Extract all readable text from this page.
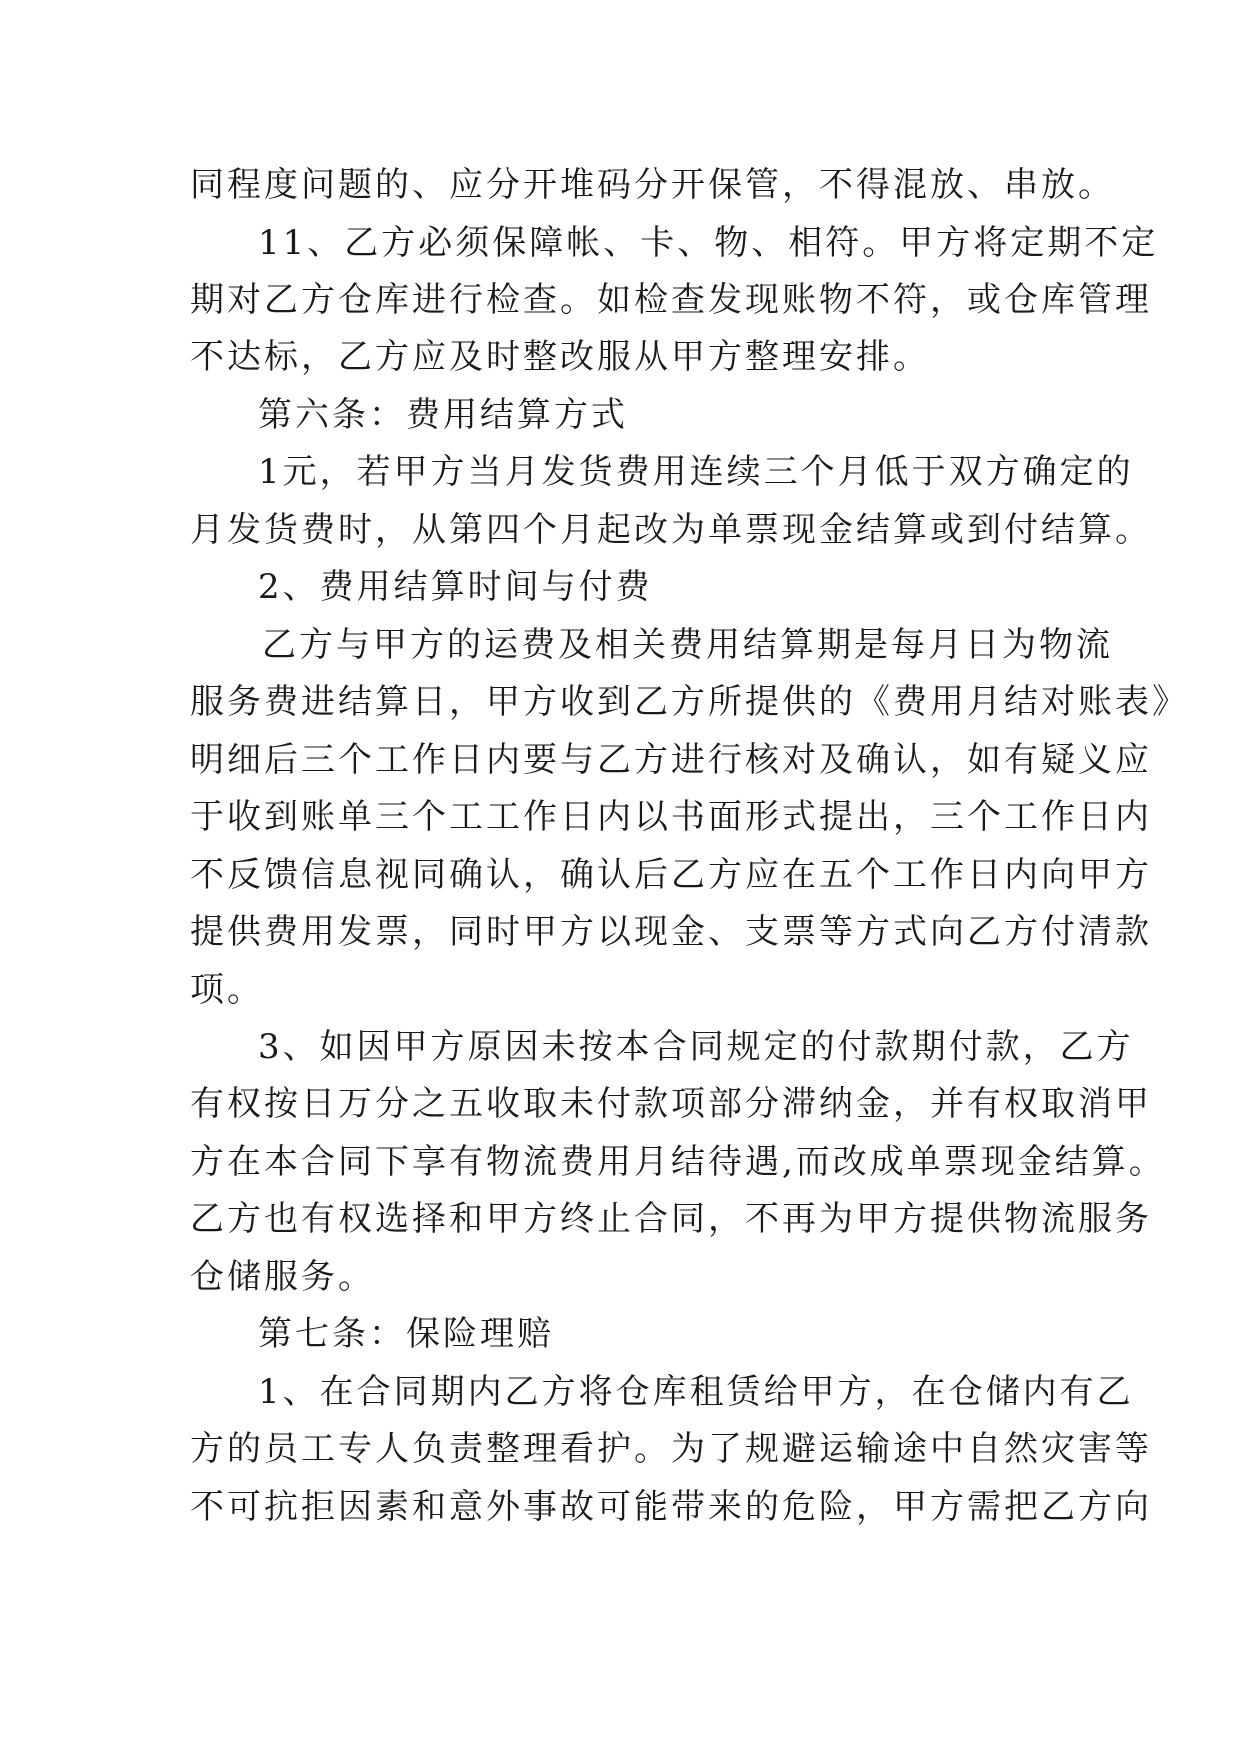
同程度问题的、应分开堆码分开保管，不得混放、串放。
11、乙方必须保障帐、卡、物、相符。甲方将定期不定
期对乙方仓库进行检查。如检查发现账物不符，或仓库管理
不达标，乙方应及时整改服从甲方整理安排。
第六条：费用结算方式
1元，若甲方当月发货费用连续三个月低于双方确定的
月发货费时，从第四个月起改为单票现金结算或到付结算。
2、费用结算时间与付费
乙方与甲方的运费及相关费用结算期是每月日为物流
服务费进结算日，甲方收到乙方所提供的《费用月结对账表》
明细后三个工作日内要与乙方进行核对及确认，如有疑义应
于收到账单三个工工作日内以书面形式提出，三个工作日内
不反馈信息视同确认，确认后乙方应在五个工作日内向甲方
提供费用发票，同时甲方以现金、支票等方式向乙方付清款
项。
3、如因甲方原因未按本合同规定的付款期付款，乙方
有权按日万分之五收取未付款项部分滞纳金，并有权取消甲
方在本合同下享有物流费用月结待遇,而改成单票现金结算。
乙方也有权选择和甲方终止合同，不再为甲方提供物流服务
仓储服务。
第七条：保险理赔
1、在合同期内乙方将仓库租赁给甲方，在仓储内有乙
方的员工专人负责整理看护。为了规避运输途中自然灾害等
不可抗拒因素和意外事故可能带来的危险，甲方需把乙方向
